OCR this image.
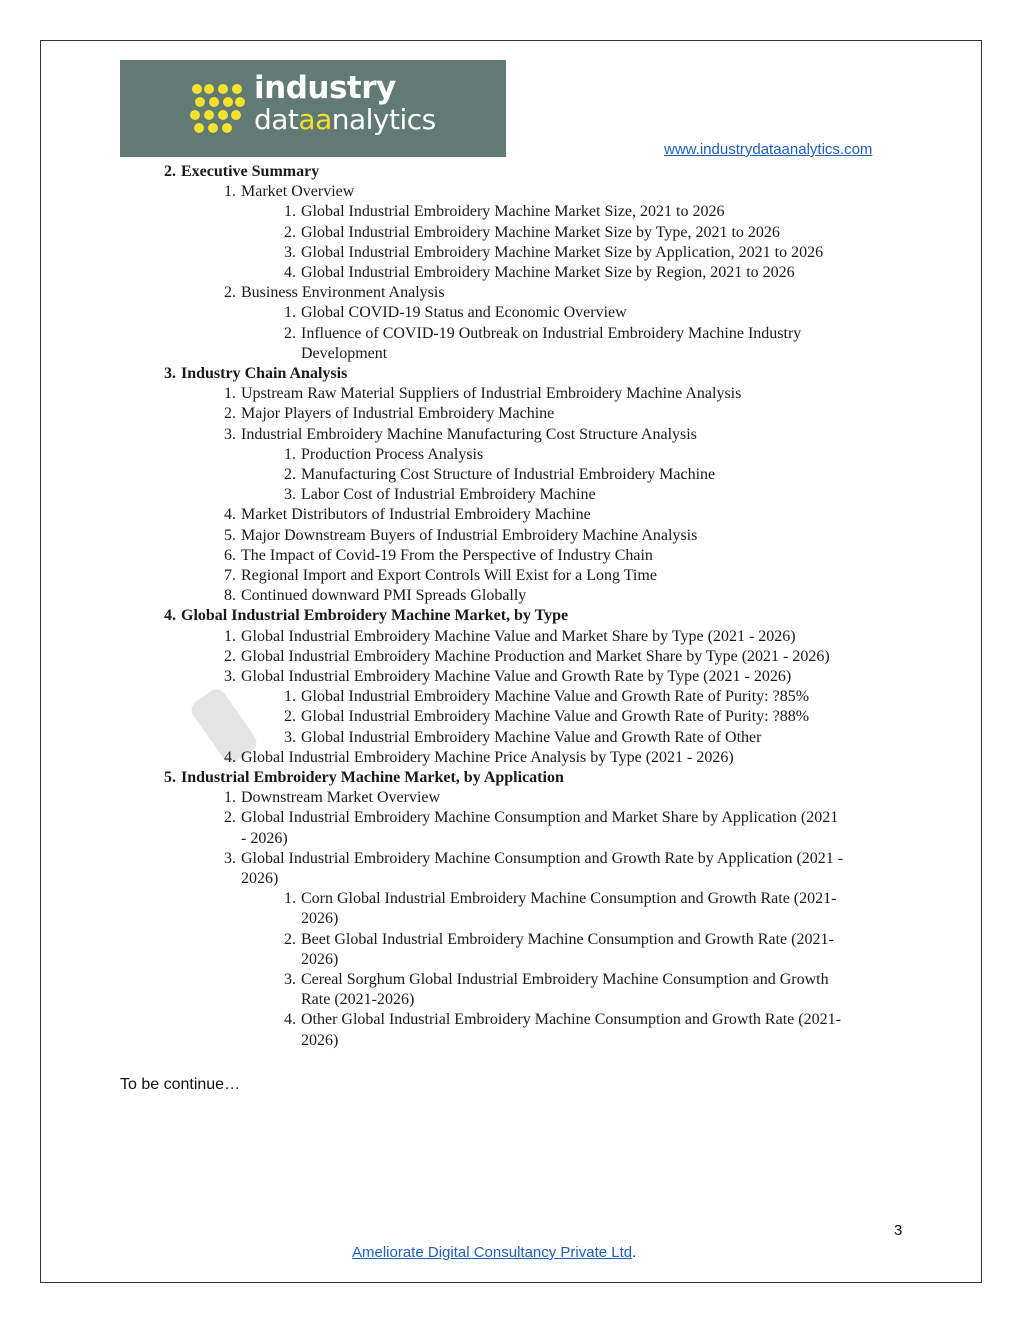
industry
dataanalytics
www.industrydataanalytics.com
2. Executive Summary
1. Market Overview
1. Global Industrial Embroidery Machine Market Size, 2021 to 2026
2. Global Industrial Embroidery Machine Market Size by Type, 2021 to 2026
3. Global Industrial Embroidery Machine Market Size by Application, 2021 to 2026
4. Global Industrial Embroidery Machine Market Size by Region, 2021 to 2026
2. Business Environment Analysis
1. Global COVID-19 Status and Economic Overview
2. Influence of COVID-19 Outbreak on Industrial Embroidery Machine Industry
Development
3. Industry Chain Analysis
1. Upstream Raw Material Suppliers of Industrial Embroidery Machine Analysis
2. Major Players of Industrial Embroidery Machine
3. Industrial Embroidery Machine Manufacturing Cost Structure Analysis
1. Production Process Analysis
2. Manufacturing Cost Structure of Industrial Embroidery Machine
3. Labor Cost of Industrial Embroidery Machine
4. Market Distributors of Industrial Embroidery Machine
5. Major Downstream Buyers of Industrial Embroidery Machine Analysis
6. The Impact of Covid-19 From the Perspective of Industry Chain
7. Regional Import and Export Controls Will Exist for a Long Time
8. Continued downward PMI Spreads Globally
4. Global Industrial Embroidery Machine Market, by Type
1. Global Industrial Embroidery Machine Value and Market Share by Type (2021 - 2026)
2. Global Industrial Embroidery Machine Production and Market Share by Type (2021 - 2026)
3. Global Industrial Embroidery Machine Value and Growth Rate by Type (2021 - 2026)
1. Global Industrial Embroidery Machine Value and Growth Rate of Purity: ?85%
2. Global Industrial Embroidery Machine Value and Growth Rate of Purity: ?88%
3. Global Industrial Embroidery Machine Value and Growth Rate of Other
4. Global Industrial Embroidery Machine Price Analysis by Type (2021 - 2026)
5. Industrial Embroidery Machine Market, by Application
1. Downstream Market Overview
2. Global Industrial Embroidery Machine Consumption and Market Share by Application (2021
- 2026)
3. Global Industrial Embroidery Machine Consumption and Growth Rate by Application (2021 -
2026)
1. Corn Global Industrial Embroidery Machine Consumption and Growth Rate (2021-
2026)
2. Beet Global Industrial Embroidery Machine Consumption and Growth Rate (2021-
2026)
3. Cereal Sorghum Global Industrial Embroidery Machine Consumption and Growth
Rate (2021-2026)
4. Other Global Industrial Embroidery Machine Consumption and Growth Rate (2021-
2026)
To be continue…
3
Ameliorate Digital Consultancy Private Ltd.
